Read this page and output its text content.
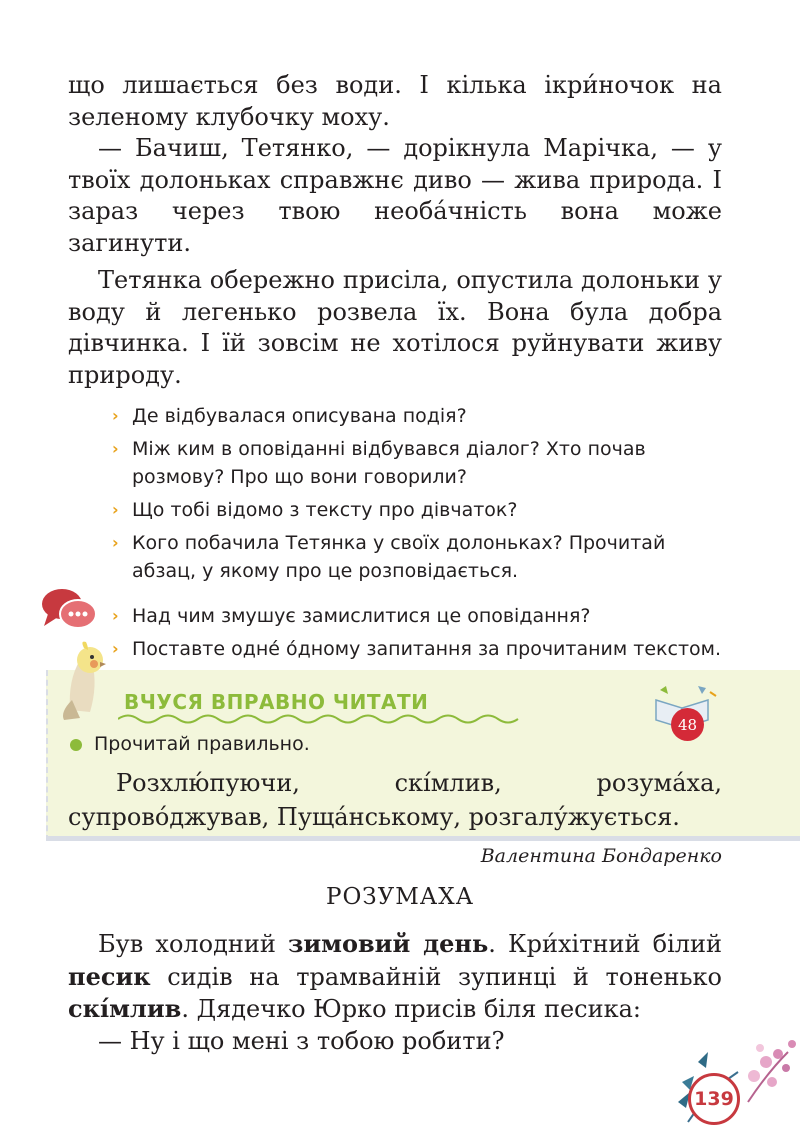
що лишається без води. І кілька ікри́ночок на зеленому клубочку моху.

— Бачиш, Тетянко, — дорікнула Марічка, — у твоїх долоньках справжнє диво — жива природа. І зараз через твою необа́чність вона може загинути.

Тетянка обережно присіла, опустила долоньки у воду й легенько розвела їх. Вона була добра дівчинка. І їй зовсім не хотілося руйнувати живу природу.

› Де відбувалася описувана подія?
› Між ким в оповіданні відбувався діалог? Хто почав розмову? Про що вони говорили?
› Що тобі відомо з тексту про дівчаток?
› Кого побачила Тетянка у своїх долоньках? Прочитай абзац, у якому про це розповідається.
› Над чим змушує замислитися це оповідання?
› Поставте одне́ о́дному запитання за прочитаним текстом.
ВЧУСЯ ВПРАВНО ЧИТАТИ
48
Прочитай правильно.

Розхлю́пуючи, скі́млив, розума́ха, супрово́джував, Пуща́нському, розгалу́жується.

Валентина Бондаренко
РОЗУМАХА

Був холодний зимовий день. Кри́хітний білий песик сидів на трамвайній зупинці й тоненько скі́млив. Дядечко Юрко присів біля песика:

— Ну і що мені з тобою робити?

139
